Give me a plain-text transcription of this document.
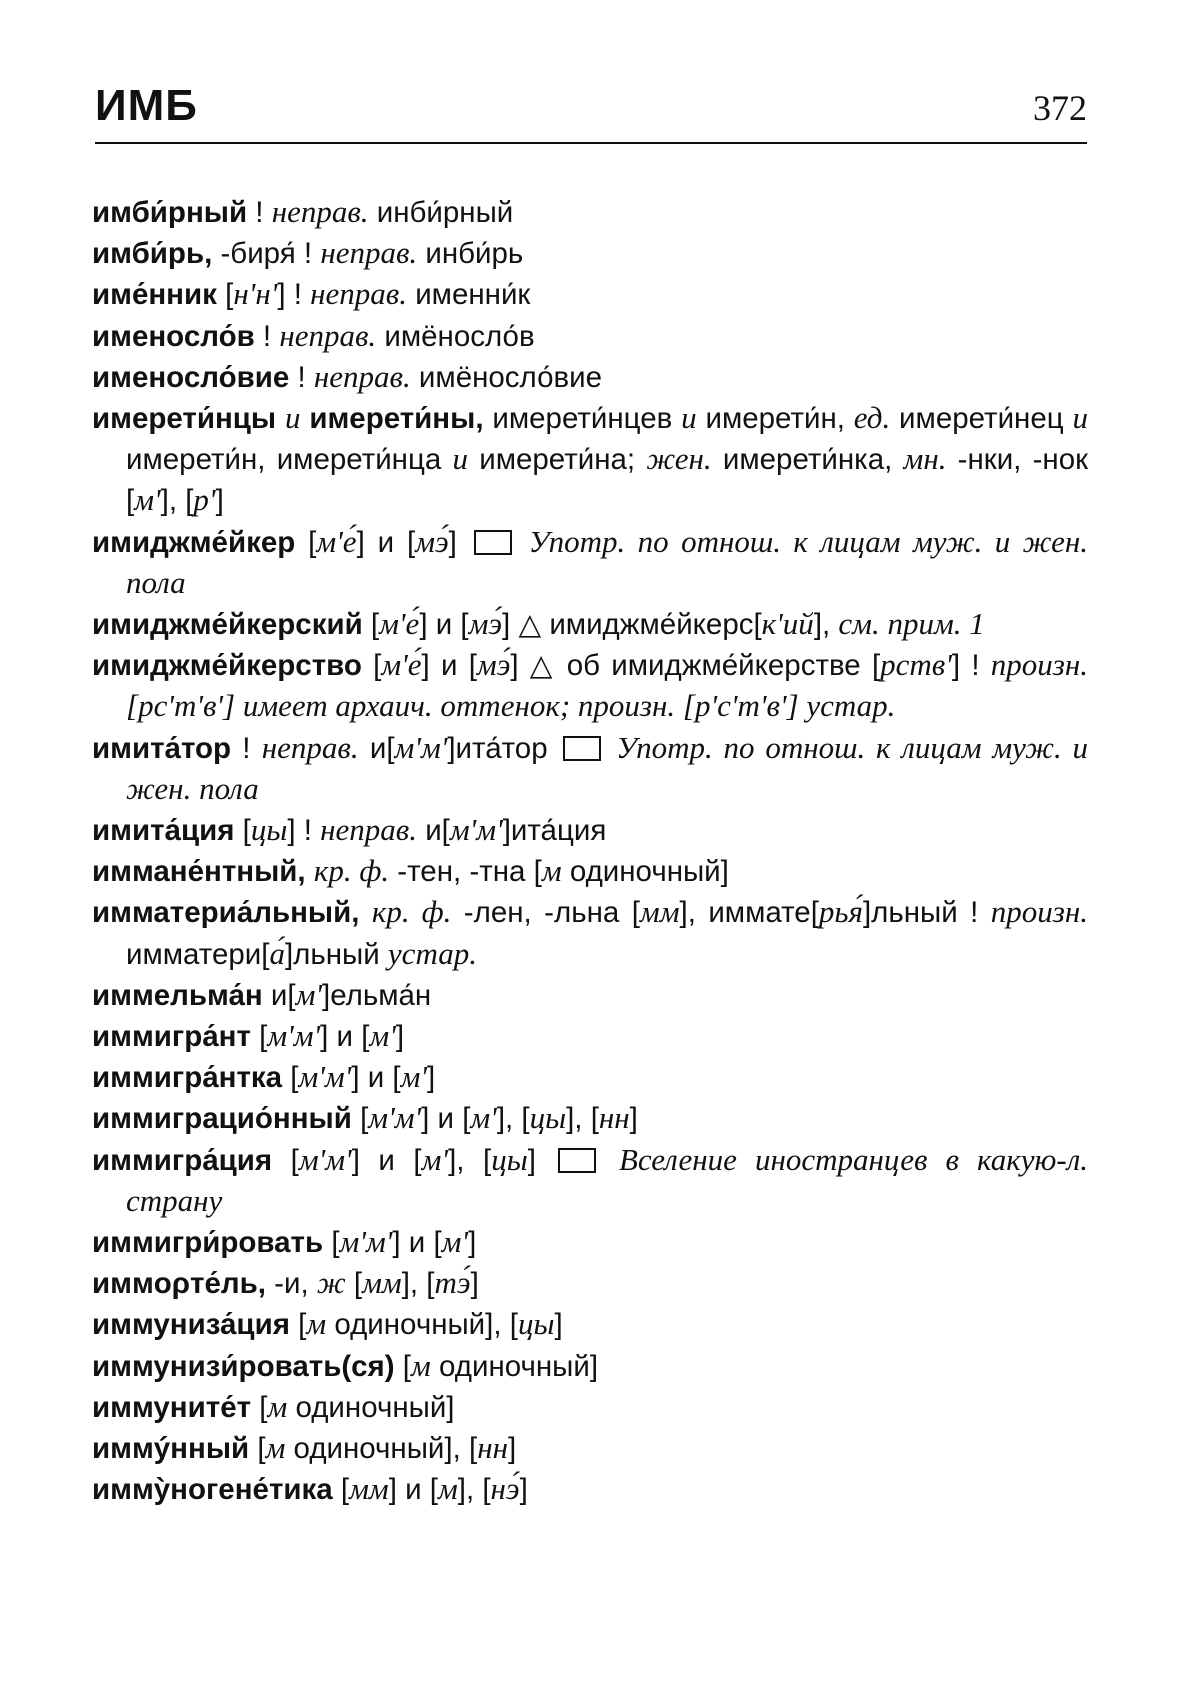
ИМБ	372
имби́рный ! неправ. инби́рный
имби́рь, -биря́ ! неправ. инби́рь
име́нник [н'н'] ! неправ. именни́к
именосло́в ! неправ. имёносло́в
именосло́вие ! неправ. имёносло́вие
имерети́нцы и имерети́ны, имерети́нцев и имерети́н, ед. имерети́нец и имерети́н, имерети́нца и имерети́на; жен. имерети́нка, мн. -нки, -нок [м'], [р']
имиджме́йкер [м'е́] и [мэ́]  Употр. по отнош. к лицам муж. и жен. пола
имиджме́йкерский [м'е́] и [мэ́] △ имиджме́йкерс[к'ий], см. прим. 1
имиджме́йкерство [м'е́] и [мэ́] △ об имиджме́йкерстве [рств'] ! произн. [рс'т'в'] имеет архаич. оттенок; произн. [р'с'т'в'] устар.
имита́тор ! неправ. и[м'м']ита́тор  Употр. по отнош. к лицам муж. и жен. пола
имита́ция [цы] ! неправ. и[м'м']ита́ция
иммане́нтный, кр. ф. -тен, -тна [м одиночный]
имматериа́льный, кр. ф. -лен, -льна [мм], иммате[рья́]льный ! произн. имматери[а́]льный устар.
иммельма́н и[м']ельма́н
иммигра́нт [м'м'] и [м']
иммигра́нтка [м'м'] и [м']
иммиграцио́нный [м'м'] и [м'], [цы], [нн]
иммигра́ция [м'м'] и [м'], [цы]  Вселение иностранцев в какую-л. страну
иммигри́ровать [м'м'] и [м']
иммορте́ль, -и, ж [мм], [тэ́]
иммуниза́ция [м одиночный], [цы]
иммунизи́ровать(ся) [м одиночный]
иммуните́т [м одиночный]
иммýнный [м одиночный], [нн]
иммỳногене́тика [мм] и [м], [нэ́]
